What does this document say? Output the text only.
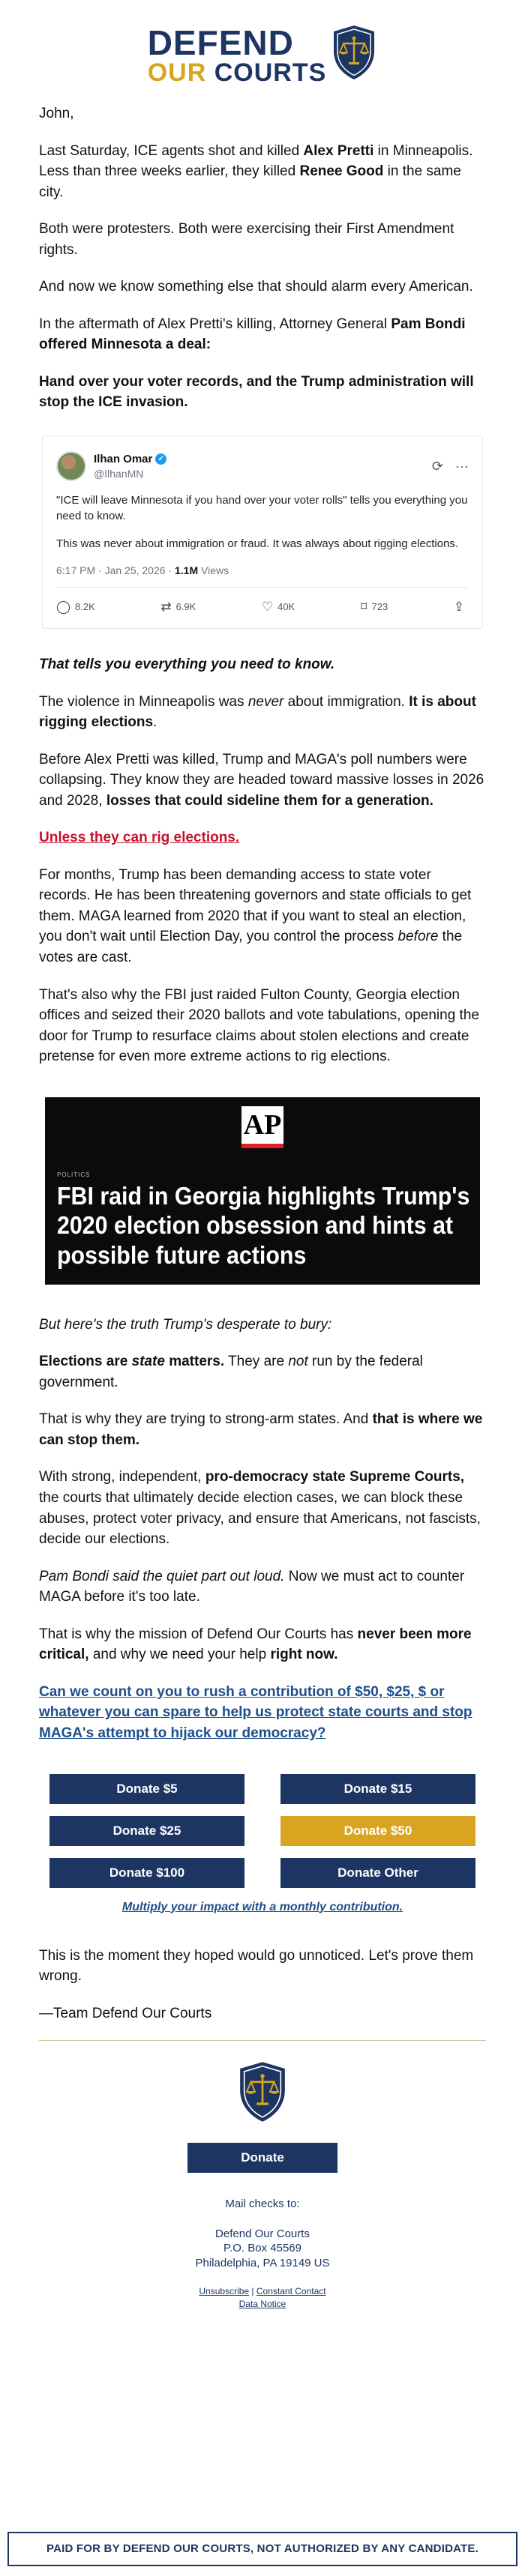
DEFEND
OUR COURTS

John,

Last Saturday, ICE agents shot and killed Alex Pretti in Minneapolis. Less than three weeks earlier, they killed Renee Good in the same city.

Both were protesters. Both were exercising their First Amendment rights.

And now we know something else that should alarm every American.

In the aftermath of Alex Pretti's killing, Attorney General Pam Bondi offered Minnesota a deal:

Hand over your voter records, and the Trump administration will stop the ICE invasion.

Ilhan Omar ✓
@IlhanMN
⟳ ···

"ICE will leave Minnesota if you hand over your voter rolls" tells you everything you need to know.

This was never about immigration or fraud. It was always about rigging elections.

6:17 PM · Jan 25, 2026 · 1.1M Views
◯ 8.2K	⇄ 6.9K	♡ 40K	⌑ 723	⇪

That tells you everything you need to know.

The violence in Minneapolis was never about immigration. It is about rigging elections.

Before Alex Pretti was killed, Trump and MAGA's poll numbers were collapsing. They know they are headed toward massive losses in 2026 and 2028, losses that could sideline them for a generation.

Unless they can rig elections.

For months, Trump has been demanding access to state voter records. He has been threatening governors and state officials to get them. MAGA learned from 2020 that if you want to steal an election, you don't wait until Election Day, you control the process before the votes are cast.

That's also why the FBI just raided Fulton County, Georgia election offices and seized their 2020 ballots and vote tabulations, opening the door for Trump to resurface claims about stolen elections and create pretense for even more extreme actions to rig elections.

AP
POLITICS
FBI raid in Georgia highlights Trump's 2020 election obsession and hints at possible future actions

But here's the truth Trump's desperate to bury:

Elections are state matters. They are not run by the federal government.

That is why they are trying to strong-arm states. And that is where we can stop them.

With strong, independent, pro-democracy state Supreme Courts, the courts that ultimately decide election cases, we can block these abuses, protect voter privacy, and ensure that Americans, not fascists, decide our elections.

Pam Bondi said the quiet part out loud. Now we must act to counter MAGA before it's too late.

That is why the mission of Defend Our Courts has never been more critical, and why we need your help right now.

Can we count on you to rush a contribution of $50, $25, $ or whatever you can spare to help us protect state courts and stop MAGA's attempt to hijack our democracy?

Donate $5	Donate $15
Donate $25	Donate $50
Donate $100	Donate Other
Multiply your impact with a monthly contribution.

This is the moment they hoped would go unnoticed. Let's prove them wrong.

—Team Defend Our Courts

Donate
Mail checks to:
Defend Our Courts
P.O. Box 45569
Philadelphia, PA 19149 US
Unsubscribe | Constant Contact
Data Notice
PAID FOR BY DEFEND OUR COURTS, NOT AUTHORIZED BY ANY CANDIDATE.
